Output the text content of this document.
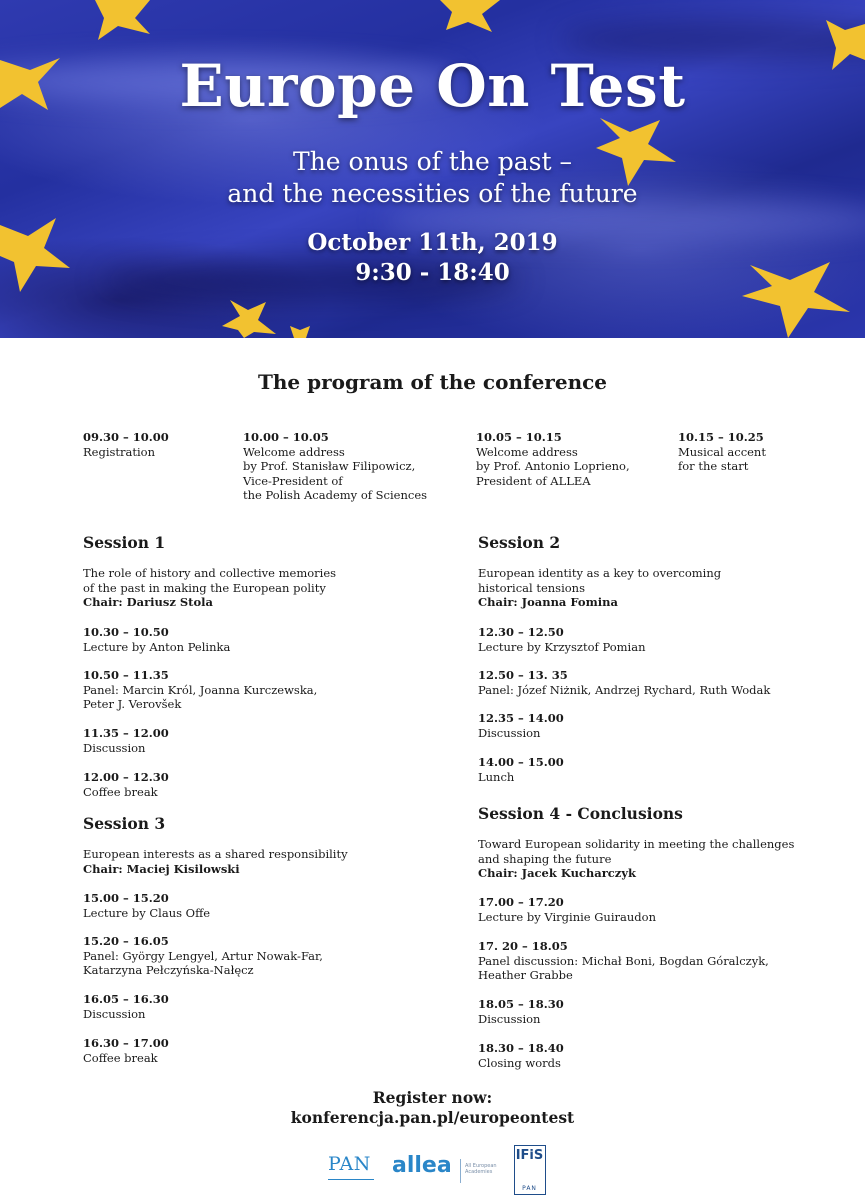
Europe On Test
The onus of the past –
and the necessities of the future
October 11th, 2019
9:30 - 18:40
The program of the conference
09.30 – 10.00
Registration
10.00 – 10.05
Welcome address
by Prof. Stanisław Filipowicz,
Vice-President of
the Polish Academy of Sciences
10.05 – 10.15
Welcome address
by Prof. Antonio Loprieno,
President of ALLEA
10.15 – 10.25
Musical accent
for the start
Session 1
The role of history and collective memories
of the past in making the European polity
Chair: Dariusz Stola
10.30 – 10.50
Lecture by Anton Pelinka
10.50 – 11.35
Panel: Marcin Król, Joanna Kurczewska,
Peter J. Verovšek
11.35 – 12.00
Discussion
12.00 – 12.30
Coffee break
Session 3
European interests as a shared responsibility
Chair: Maciej Kisilowski
15.00 – 15.20
Lecture by Claus Offe
15.20 – 16.05
Panel: György Lengyel, Artur Nowak-Far,
Katarzyna Pełczyńska-Nałęcz
16.05 – 16.30
Discussion
16.30 – 17.00
Coffee break
Session 2
European identity as a key to overcoming
historical tensions
Chair: Joanna Fomina
12.30 – 12.50
Lecture by Krzysztof Pomian
12.50 – 13. 35
Panel: Józef Niżnik, Andrzej Rychard, Ruth Wodak
12.35 – 14.00
Discussion
14.00 – 15.00
Lunch
Session 4 - Conclusions
Toward European solidarity in meeting the challenges
and shaping the future
Chair: Jacek Kucharczyk
17.00 – 17.20
Lecture by Virginie Guiraudon
17. 20 – 18.05
Panel discussion: Michał Boni, Bogdan Góralczyk,
Heather Grabbe
18.05 – 18.30
Discussion
18.30 – 18.40
Closing words
Register now:
konferencja.pan.pl/europeontest
PAN allea	All European Academies
IFiS
PAN
